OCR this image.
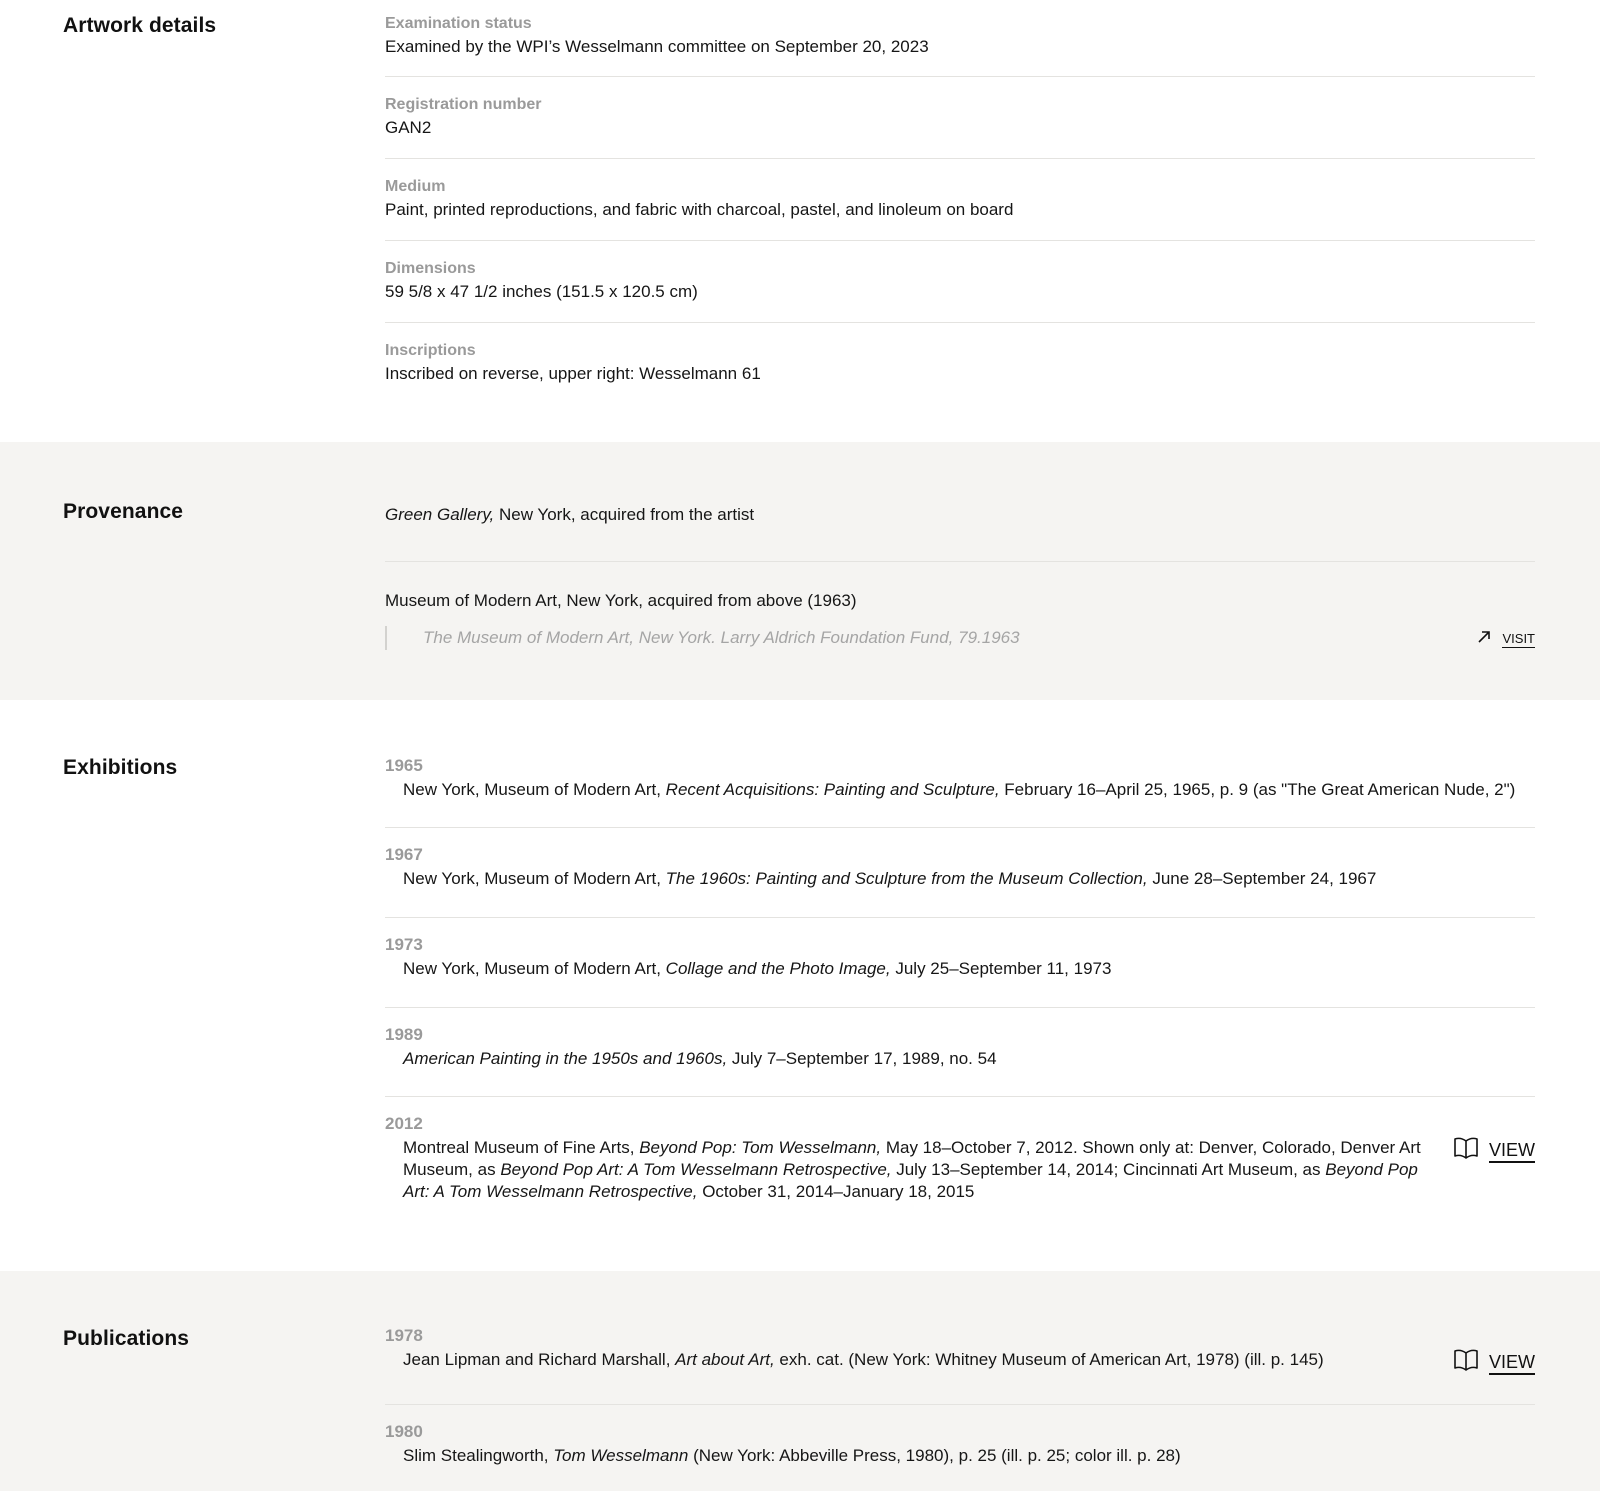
Artwork details	Examination status
Examined by the WPI’s Wesselmann committee on September 20, 2023
Registration number
GAN2
Medium
Paint, printed reproductions, and fabric with charcoal, pastel, and linoleum on board
Dimensions
59 5/8 x 47 1/2 inches (151.5 x 120.5 cm)
Inscriptions
Inscribed on reverse, upper right: Wesselmann 61
Provenance	Green Gallery, New York, acquired from the artist
Museum of Modern Art, New York, acquired from above (1963)
The Museum of Modern Art, New York. Larry Aldrich Foundation Fund, 79.1963	VISIT
Exhibitions	1965
New York, Museum of Modern Art, Recent Acquisitions: Painting and Sculpture, February 16–April 25, 1965, p. 9 (as "The Great American Nude, 2")
1967
New York, Museum of Modern Art, The 1960s: Painting and Sculpture from the Museum Collection, June 28–September 24, 1967
1973
New York, Museum of Modern Art, Collage and the Photo Image, July 25–September 11, 1973
1989
American Painting in the 1950s and 1960s, July 7–September 17, 1989, no. 54
2012
Montreal Museum of Fine Arts, Beyond Pop: Tom Wesselmann, May 18–October 7, 2012. Shown only at: Denver, Colorado, Denver Art Museum, as Beyond Pop Art: A Tom Wesselmann Retrospective, July 13–September 14, 2014; Cincinnati Art Museum, as Beyond Pop Art: A Tom Wesselmann Retrospective, October 31, 2014–January 18, 2015
VIEW
Publications	1978
Jean Lipman and Richard Marshall, Art about Art, exh. cat. (New York: Whitney Museum of American Art, 1978) (ill. p. 145)	VIEW
1980
Slim Stealingworth, Tom Wesselmann (New York: Abbeville Press, 1980), p. 25 (ill. p. 25; color ill. p. 28)
